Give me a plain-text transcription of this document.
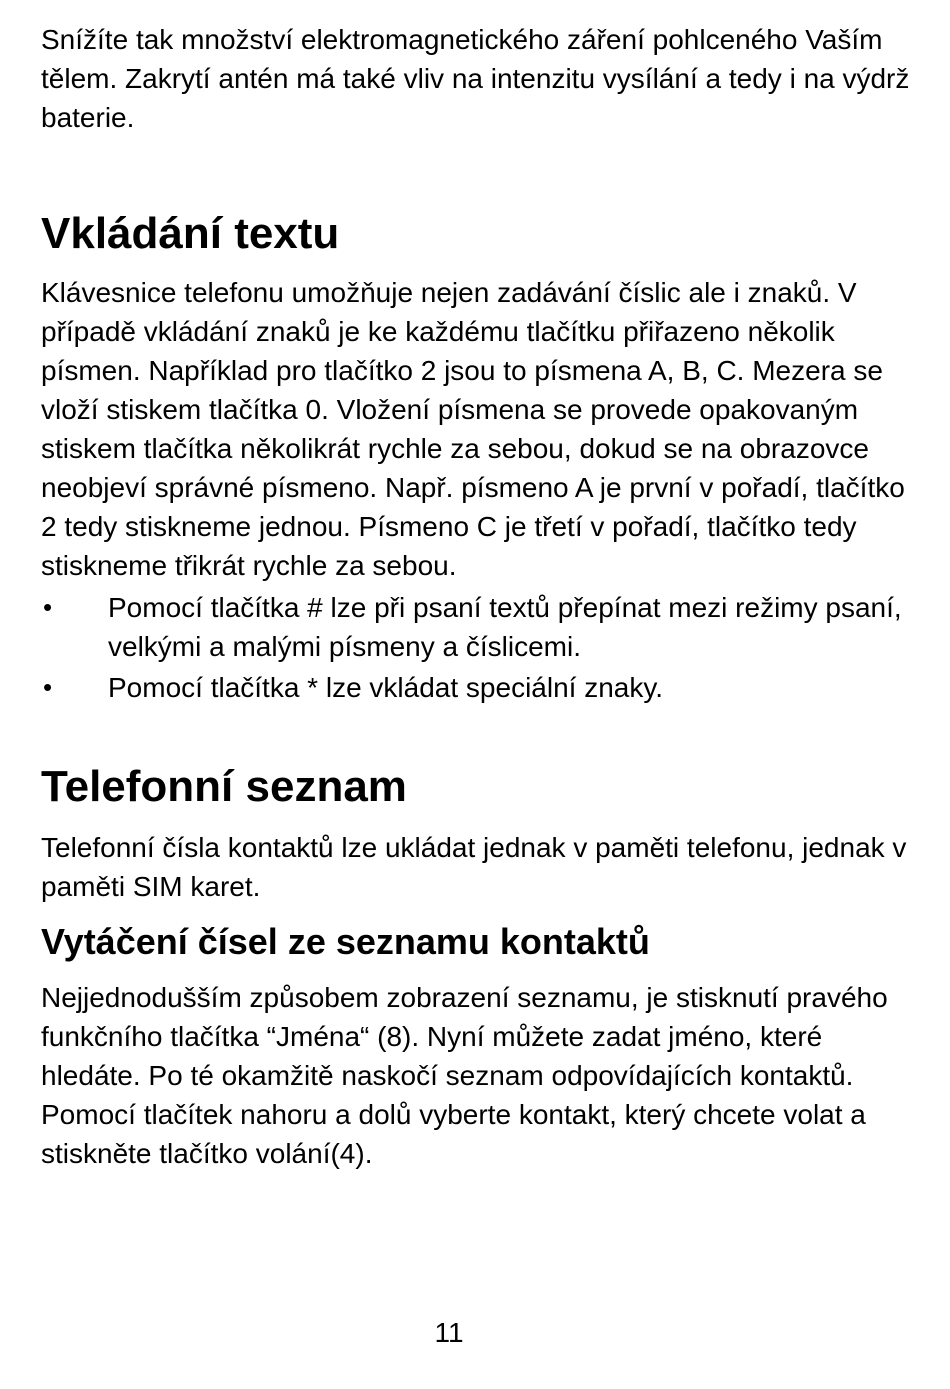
Snížíte tak množství elektromagnetického záření pohlceného Vaším tělem. Zakrytí antén má také vliv na intenzitu vysílání a tedy i na výdrž baterie.

Vkládání textu

Klávesnice telefonu umožňuje nejen zadávání číslic ale i znaků. V případě vkládání znaků je ke každému tlačítku přiřazeno několik písmen. Například pro tlačítko 2 jsou to písmena A, B, C. Mezera se vloží stiskem tlačítka 0. Vložení písmena se provede opakovaným stiskem tlačítka několikrát rychle za sebou, dokud se na obrazovce neobjeví správné písmeno. Např. písmeno A je první v pořadí, tlačítko 2 tedy stiskneme jednou. Písmeno C je třetí v pořadí, tlačítko tedy stiskneme třikrát rychle za sebou.

• Pomocí tlačítka # lze při psaní textů přepínat mezi režimy psaní, velkými a malými písmeny a číslicemi.
• Pomocí tlačítka * lze vkládat speciální znaky.
Telefonní seznam

Telefonní čísla kontaktů lze ukládat jednak v paměti telefonu, jednak v paměti SIM karet.

Vytáčení čísel ze seznamu kontaktů

Nejjednodušším způsobem zobrazení seznamu, je stisknutí pravého funkčního tlačítka “Jména“ (8). Nyní můžete zadat jméno, které hledáte. Po té okamžitě naskočí seznam odpovídajících kontaktů.

Pomocí tlačítek nahoru a dolů vyberte kontakt, který chcete volat a stiskněte tlačítko volání(4).

11
